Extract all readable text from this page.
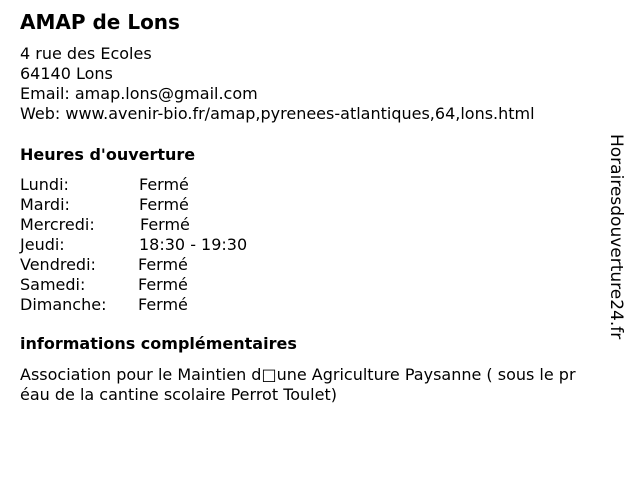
AMAP de Lons
4 rue des Ecoles
64140 Lons
Email: amap.lons@gmail.com
Web: www.avenir-bio.fr/amap,pyrenees-atlantiques,64,lons.html
Heures d'ouverture
Lundi:	Fermé
Mardi:	Fermé
Mercredi:	Fermé
Jeudi:	18:30 - 19:30
Vendredi:	Fermé
Samedi:	Fermé
Dimanche: Fermé
informations complémentaires
Association pour le Maintien d□une Agriculture Paysanne ( sous le pr
éau de la cantine scolaire Perrot Toulet)
Horairesdouverture24.fr
